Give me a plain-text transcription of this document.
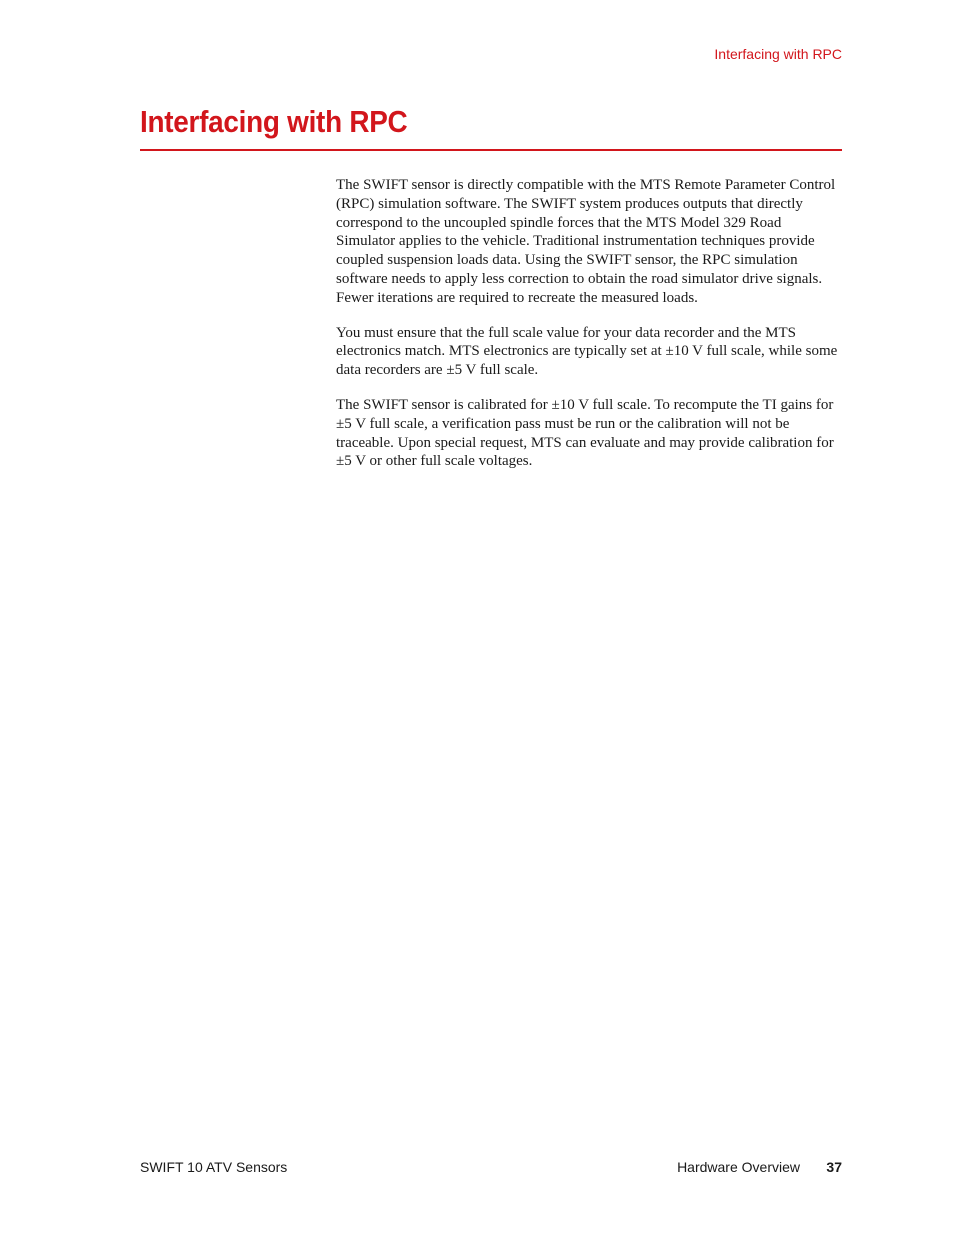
Interfacing with RPC
Interfacing with RPC

The SWIFT sensor is directly compatible with the MTS Remote Parameter Control (RPC) simulation software. The SWIFT system produces outputs that directly correspond to the uncoupled spindle forces that the MTS Model 329 Road Simulator applies to the vehicle. Traditional instrumentation techniques provide coupled suspension loads data. Using the SWIFT sensor, the RPC simulation software needs to apply less correction to obtain the road simulator drive signals. Fewer iterations are required to recreate the measured loads.

You must ensure that the full scale value for your data recorder and the MTS electronics match. MTS electronics are typically set at ±10 V full scale, while some data recorders are ±5 V full scale.

The SWIFT sensor is calibrated for ±10 V full scale. To recompute the TI gains for ±5 V full scale, a verification pass must be run or the calibration will not be traceable. Upon special request, MTS can evaluate and may provide calibration for ±5 V or other full scale voltages.

SWIFT 10 ATV Sensors	Hardware Overview 37
